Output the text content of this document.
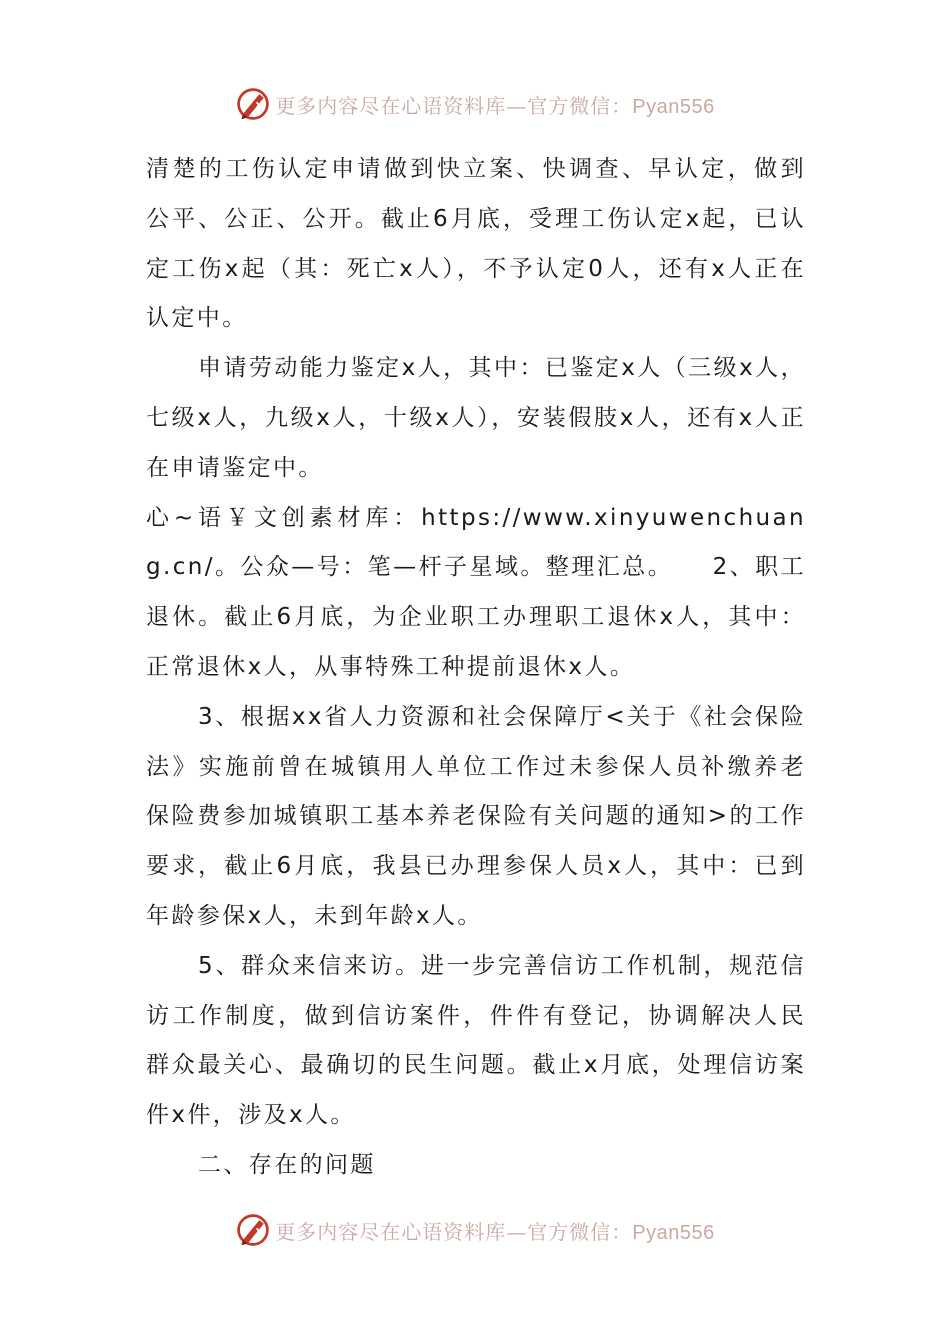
更多内容尽在心语资料库—官方微信：Pyan556

清楚的工伤认定申请做到快立案、快调查、早认定，做到公平、公正、公开。截止6月底，受理工伤认定x起，已认定工伤x起（其：死亡x人），不予认定0人，还有x人正在认定中。

申请劳动能力鉴定x人，其中：已鉴定x人（三级x人，七级x人，九级x人，十级x人），安装假肢x人，还有x人正在申请鉴定中。

心~语￥文创素材库：https://www.xinyuwenchuang.cn/。公众—号：笔—杆子星域。整理汇总。　　2、职工退休。截止6月底，为企业职工办理职工退休x人，其中：正常退休x人，从事特殊工种提前退休x人。

3、根据xx省人力资源和社会保障厅<关于《社会保险法》实施前曾在城镇用人单位工作过未参保人员补缴养老保险费参加城镇职工基本养老保险有关问题的通知>的工作要求，截止6月底，我县已办理参保人员x人，其中：已到年龄参保x人，未到年龄x人。

5、群众来信来访。进一步完善信访工作机制，规范信访工作制度，做到信访案件，件件有登记，协调解决人民群众最关心、最确切的民生问题。截止x月底，处理信访案件x件，涉及x人。

二、存在的问题

更多内容尽在心语资料库—官方微信：Pyan556
